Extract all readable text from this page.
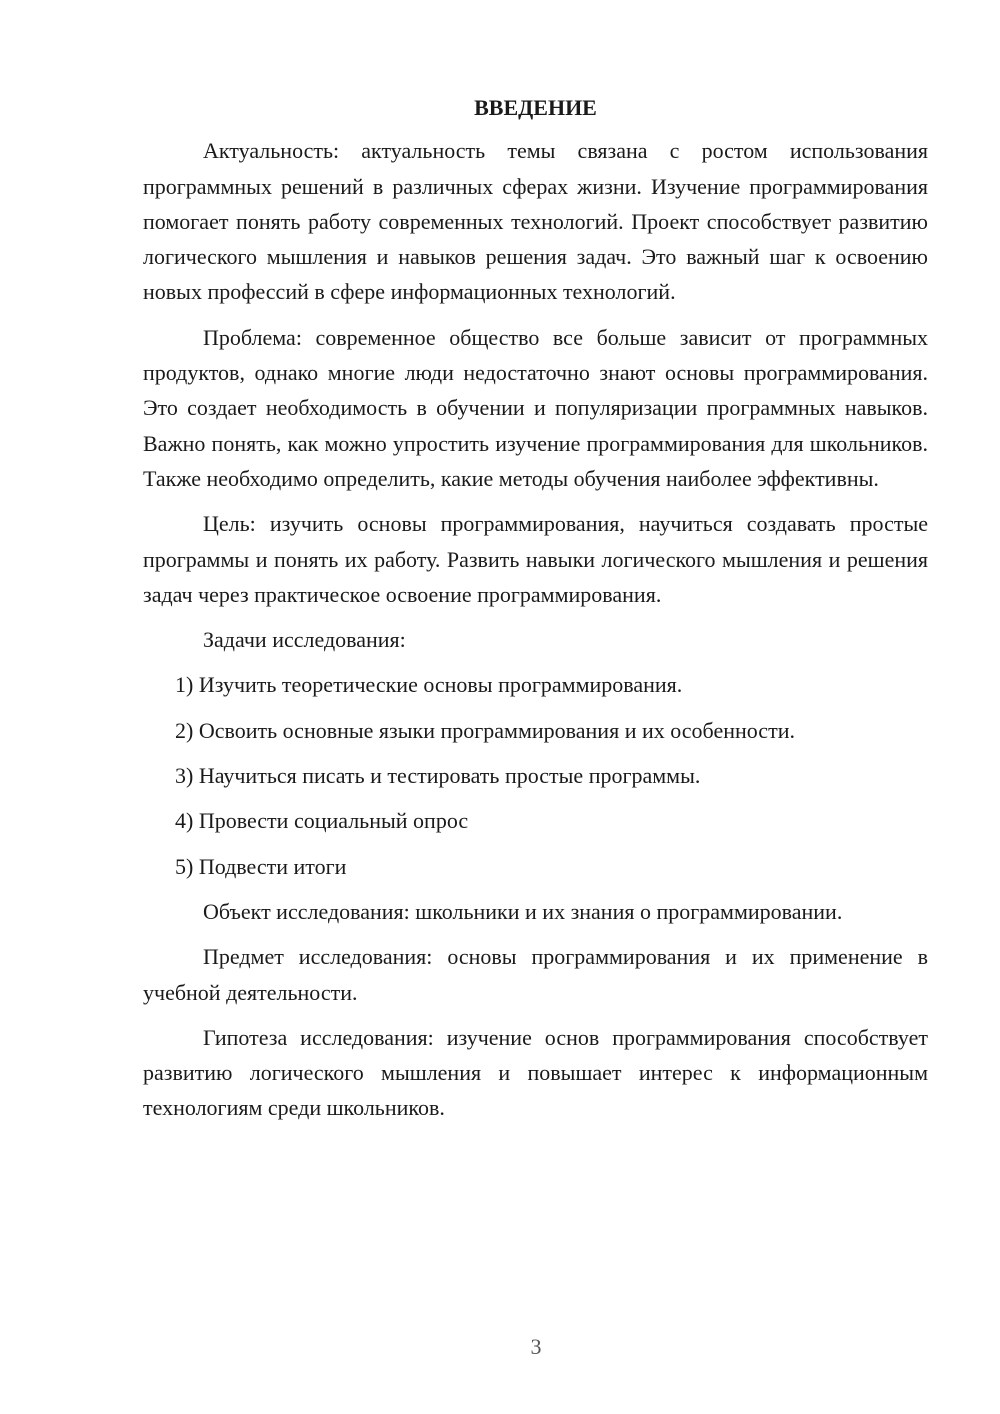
ВВЕДЕНИЕ

Актуальность: актуальность темы связана с ростом использования программных решений в различных сферах жизни. Изучение программирования помогает понять работу современных технологий. Проект способствует развитию логического мышления и навыков решения задач. Это важный шаг к освоению новых профессий в сфере информационных технологий.

Проблема: современное общество все больше зависит от программных продуктов, однако многие люди недостаточно знают основы программирования. Это создает необходимость в обучении и популяризации программных навыков. Важно понять, как можно упростить изучение программирования для школьников. Также необходимо определить, какие методы обучения наиболее эффективны.

Цель: изучить основы программирования, научиться создавать простые программы и понять их работу. Развить навыки логического мышления и решения задач через практическое освоение программирования.

Задачи исследования:

1) Изучить теоретические основы программирования.
2) Освоить основные языки программирования и их особенности.
3) Научиться писать и тестировать простые программы.
4) Провести социальный опрос
5) Подвести итоги

Объект исследования: школьники и их знания о программировании.

Предмет исследования: основы программирования и их применение в учебной деятельности.

Гипотеза исследования: изучение основ программирования способствует развитию логического мышления и повышает интерес к информационным технологиям среди школьников.

3
